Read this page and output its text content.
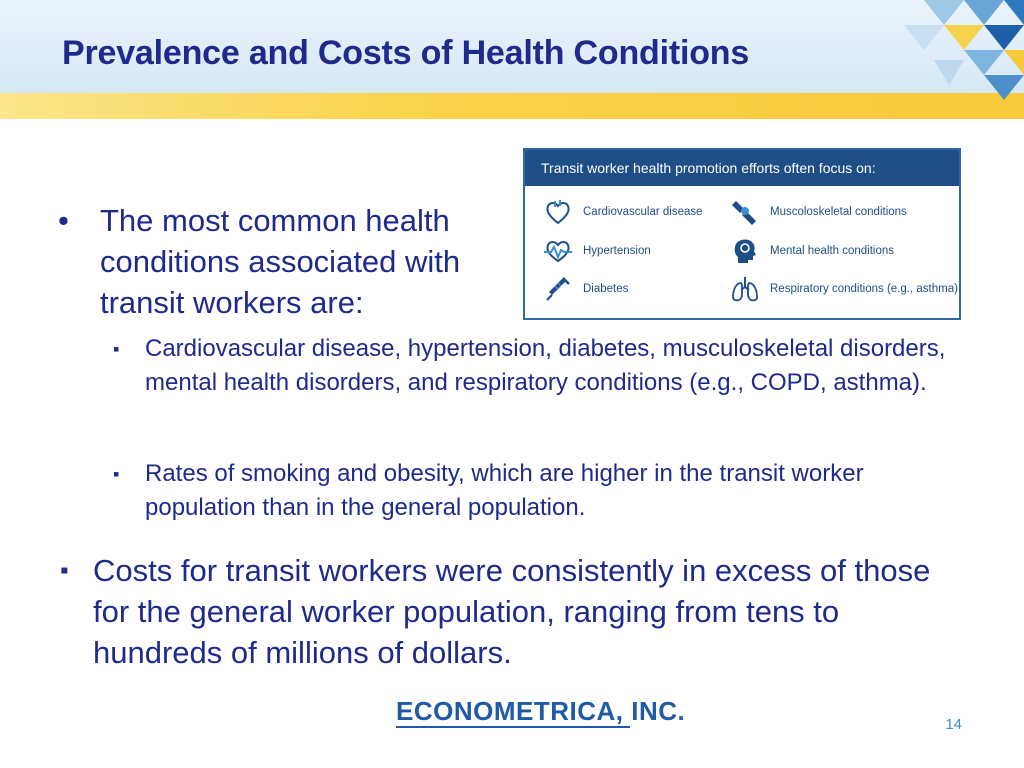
Prevalence and Costs of Health Conditions
• The most common health conditions associated with transit workers are:
▪ Cardiovascular disease, hypertension, diabetes, musculoskeletal disorders, mental health disorders, and respiratory conditions (e.g., COPD, asthma).
▪ Rates of smoking and obesity, which are higher in the transit worker population than in the general population.
▪ Costs for transit workers were consistently in excess of those for the general worker population, ranging from tens to hundreds of millions of dollars.
Transit worker health promotion efforts often focus on:
Cardiovascular disease	Muscoloskeletal conditions
Hypertension	Mental health conditions
Diabetes	Respiratory conditions (e.g., asthma)

ECONOMETRICA, INC.	14
